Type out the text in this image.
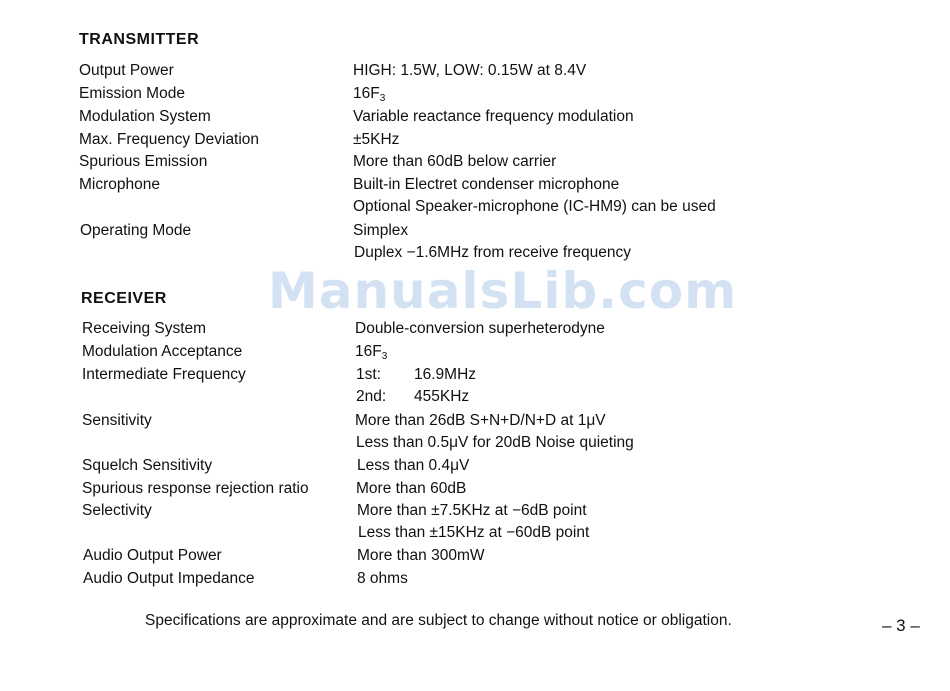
ManualsLib.com
TRANSMITTER
Output Power	HIGH: 1.5W, LOW: 0.15W at 8.4V
Emission Mode	$16F_3$
Modulation System	Variable reactance frequency modulation
Max. Frequency Deviation	±5KHz
Spurious Emission	More than 60dB below carrier
Microphone	Built-in Electret condenser microphone
Optional Speaker-microphone (IC-HM9) can be used
Operating Mode	Simplex
Duplex −1.6MHz from receive frequency
RECEIVER
Receiving System	Double-conversion superheterodyne
Modulation Acceptance	$16F_3$
Intermediate Frequency	1st: 16.9MHz
2nd: 455KHz
Sensitivity	More than 26dB S+N+D/N+D at 1μV
Less than 0.5μV for 20dB Noise quieting
Squelch Sensitivity	Less than 0.4μV
Spurious response rejection ratio	More than 60dB
Selectivity	More than ±7.5KHz at −6dB point
Less than ±15KHz at −60dB point
Audio Output Power	More than 300mW
Audio Output Impedance	8 ohms
Specifications are approximate and are subject to change without notice or obligation.	– 3 –
